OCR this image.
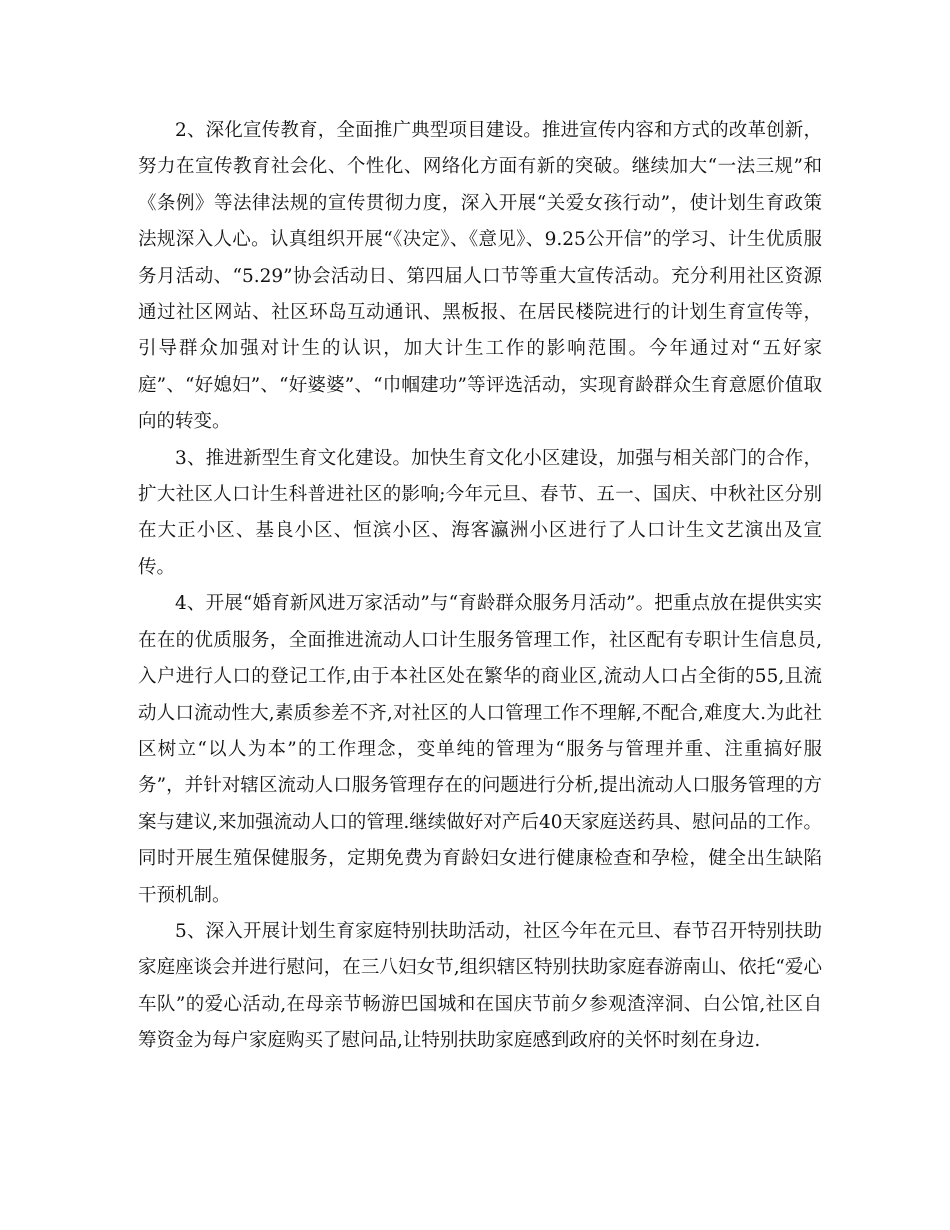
2、深化宣传教育，全面推广典型项目建设。推进宣传内容和方式的改革创新，努力在宣传教育社会化、个性化、网络化方面有新的突破。继续加大“一法三规”和《条例》等法律法规的宣传贯彻力度，深入开展“关爱女孩行动”，使计划生育政策法规深入人心。认真组织开展“《决定》、《意见》、9.25公开信”的学习、计生优质服务月活动、“5.29”协会活动日、第四届人口节等重大宣传活动。充分利用社区资源通过社区网站、社区环岛互动通讯、黑板报、在居民楼院进行的计划生育宣传等，引导群众加强对计生的认识，加大计生工作的影响范围。今年通过对“五好家庭”、“好媳妇”、“好婆婆”、“巾帼建功”等评选活动，实现育龄群众生育意愿价值取向的转变。

3、推进新型生育文化建设。加快生育文化小区建设，加强与相关部门的合作，扩大社区人口计生科普进社区的影响;今年元旦、春节、五一、国庆、中秋社区分别在大正小区、基良小区、恒滨小区、海客瀛洲小区进行了人口计生文艺演出及宣传。

4、开展“婚育新风进万家活动”与“育龄群众服务月活动”。把重点放在提供实实在在的优质服务，全面推进流动人口计生服务管理工作，社区配有专职计生信息员,入户进行人口的登记工作,由于本社区处在繁华的商业区,流动人口占全街的55,且流动人口流动性大,素质参差不齐,对社区的人口管理工作不理解,不配合,难度大.为此社区树立“以人为本”的工作理念，变单纯的管理为“服务与管理并重、注重搞好服务”，并针对辖区流动人口服务管理存在的问题进行分析,提出流动人口服务管理的方案与建议,来加强流动人口的管理.继续做好对产后40天家庭送药具、慰问品的工作。同时开展生殖保健服务，定期免费为育龄妇女进行健康检查和孕检，健全出生缺陷干预机制。

5、深入开展计划生育家庭特别扶助活动，社区今年在元旦、春节召开特别扶助家庭座谈会并进行慰问，在三八妇女节,组织辖区特别扶助家庭春游南山、依托“爱心车队”的爱心活动,在母亲节畅游巴国城和在国庆节前夕参观渣滓洞、白公馆,社区自筹资金为每户家庭购买了慰问品,让特别扶助家庭感到政府的关怀时刻在身边.
